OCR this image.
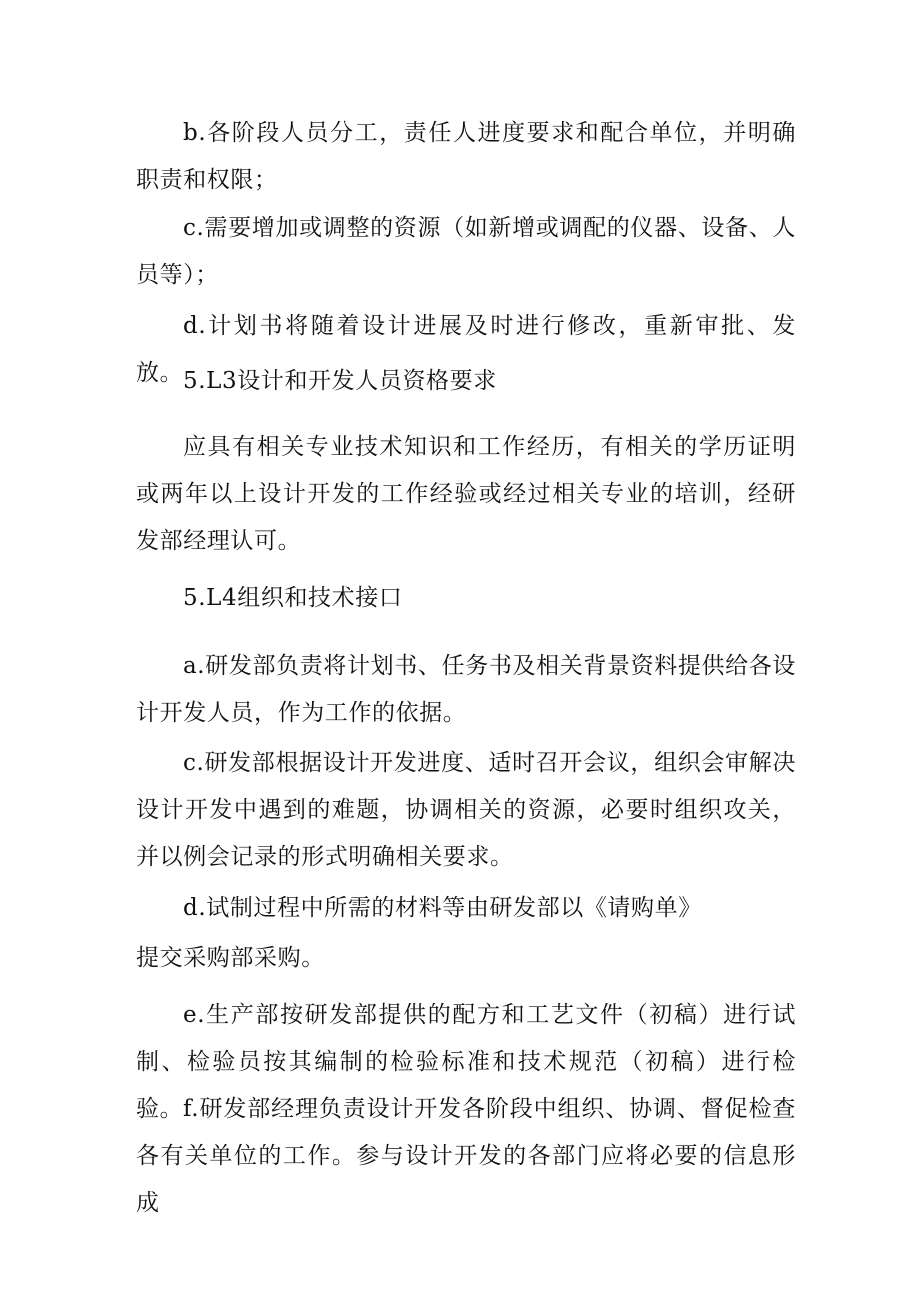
b.各阶段人员分工，责任人进度要求和配合单位，并明确职责和权限；

c.需要增加或调整的资源（如新增或调配的仪器、设备、人员等）；

d.计划书将随着设计进展及时进行修改，重新审批、发放。 5.L3设计和开发人员资格要求

应具有相关专业技术知识和工作经历，有相关的学历证明或两年以上设计开发的工作经验或经过相关专业的培训，经研发部经理认可。

5.L4组织和技术接口

a.研发部负责将计划书、任务书及相关背景资料提供给各设计开发人员，作为工作的依据。

c.研发部根据设计开发进度、适时召开会议，组织会审解决设计开发中遇到的难题，协调相关的资源，必要时组织攻关，并以例会记录的形式明确相关要求。

d.试制过程中所需的材料等由研发部以《请购单》

提交采购部采购。

e.生产部按研发部提供的配方和工艺文件（初稿）进行试制、检验员按其编制的检验标准和技术规范（初稿）进行检验。 f.研发部经理负责设计开发各阶段中组织、协调、督促检查各有关单位的工作。参与设计开发的各部门应将必要的信息形成
